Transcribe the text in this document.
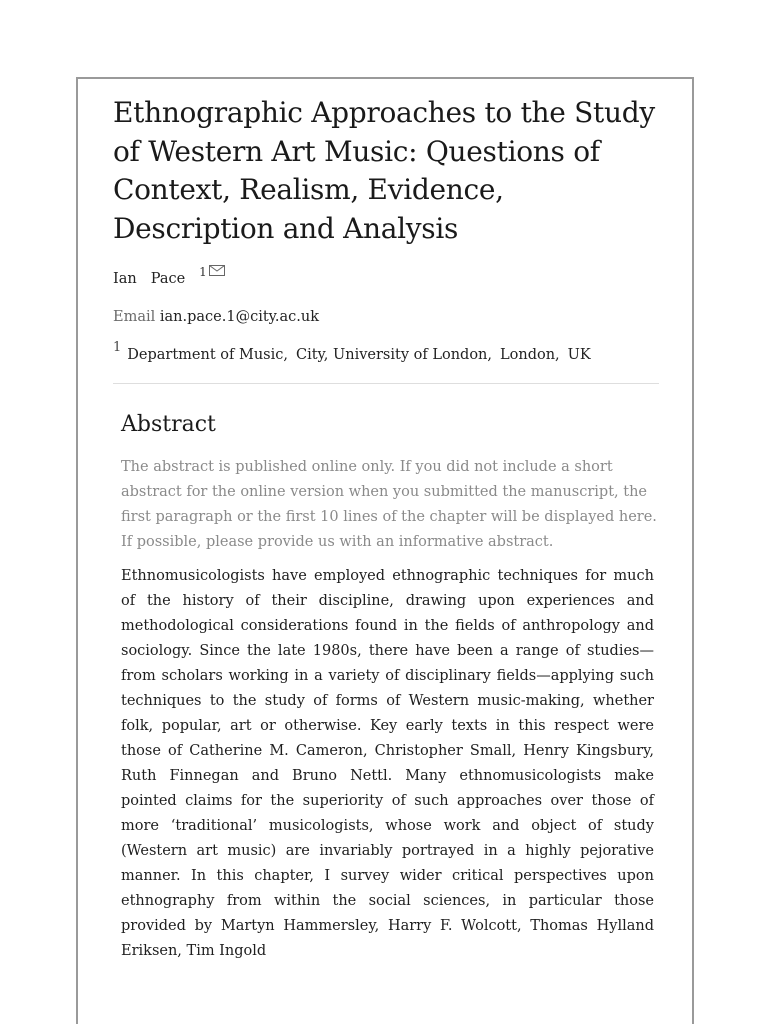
Ethnographic Approaches to the Study of Western Art Music: Questions of Context, Realism, Evidence, Description and Analysis
Ian Pace 1
Email ian.pace.1@city.ac.uk
1 Department of Music, City, University of London, London, UK
Abstract

The abstract is published online only. If you did not include a short abstract for the online version when you submitted the manuscript, the first paragraph or the first 10 lines of the chapter will be displayed here. If possible, please provide us with an informative abstract.

Ethnomusicologists have employed ethnographic techniques for much of the history of their discipline, drawing upon experiences and methodological considerations found in the fields of anthropology and sociology. Since the late 1980s, there have been a range of studies—from scholars working in a variety of disciplinary fields—applying such techniques to the study of forms of Western music-making, whether folk, popular, art or otherwise. Key early texts in this respect were those of Catherine M. Cameron, Christopher Small, Henry Kingsbury, Ruth Finnegan and Bruno Nettl. Many ethnomusicologists make pointed claims for the superiority of such approaches over those of more ‘traditional’ musicologists, whose work and object of study (Western art music) are invariably portrayed in a highly pejorative manner. In this chapter, I survey wider critical perspectives upon ethnography from within the social sciences, in particular those provided by Martyn Hammersley, Harry F. Wolcott, Thomas Hylland Eriksen, Tim Ingold
